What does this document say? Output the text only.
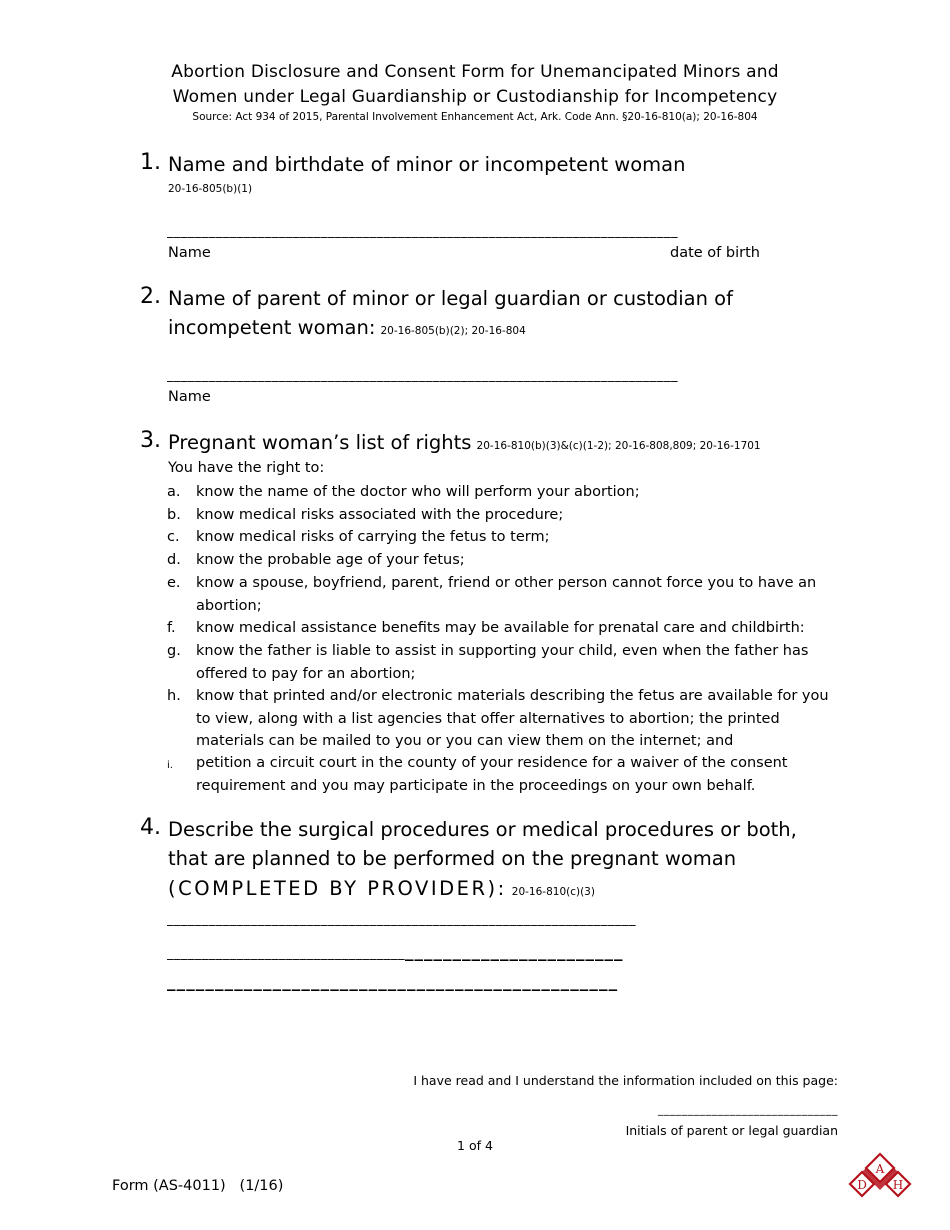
Abortion Disclosure and Consent Form for Unemancipated Minors and
Women under Legal Guardianship or Custodianship for Incompetency
Source: Act 934 of 2015, Parental Involvement Enhancement Act, Ark. Code Ann. §20-16-810(a); 20-16-804
1. Name and birthdate of minor or incompetent woman
20-16-805(b)(1)
_________________________________________________________________________
Name	date of birth
2. Name of parent of minor or legal guardian or custodian of
incompetent woman: 20-16-805(b)(2); 20-16-804
_________________________________________________________________________
Name
3. Pregnant woman’s list of rights 20-16-810(b)(3)&(c)(1-2); 20-16-808,809; 20-16-1701
You have the right to:
a.	know the name of the doctor who will perform your abortion;
b.	know medical risks associated with the procedure;
c.	know medical risks of carrying the fetus to term;
d.	know the probable age of your fetus;
e.	know a spouse, boyfriend, parent, friend or other person cannot force you to have an abortion;
f.	know medical assistance benefits may be available for prenatal care and childbirth:
g.	know the father is liable to assist in supporting your child, even when the father has offered to pay for an abortion;
h.	know that printed and/or electronic materials describing the fetus are available for you to view, along with a list agencies that offer alternatives to abortion; the printed materials can be mailed to you or you can view them on the internet; and
i.	petition a circuit court in the county of your residence for a waiver of the consent requirement and you may participate in the proceedings on your own behalf.
4. Describe the surgical procedures or medical procedures or both,
that are planned to be performed on the pregnant woman
(COMPLETED BY PROVIDER): 20-16-810(c)(3)
___________________________________________________________________
_________________________________________________________
_______________________________________________
I have read and I understand the information included on this page:
______________________________
Initials of parent or legal guardian
1 of 4
Form (AS-4011)   (1/16)
A
D H
